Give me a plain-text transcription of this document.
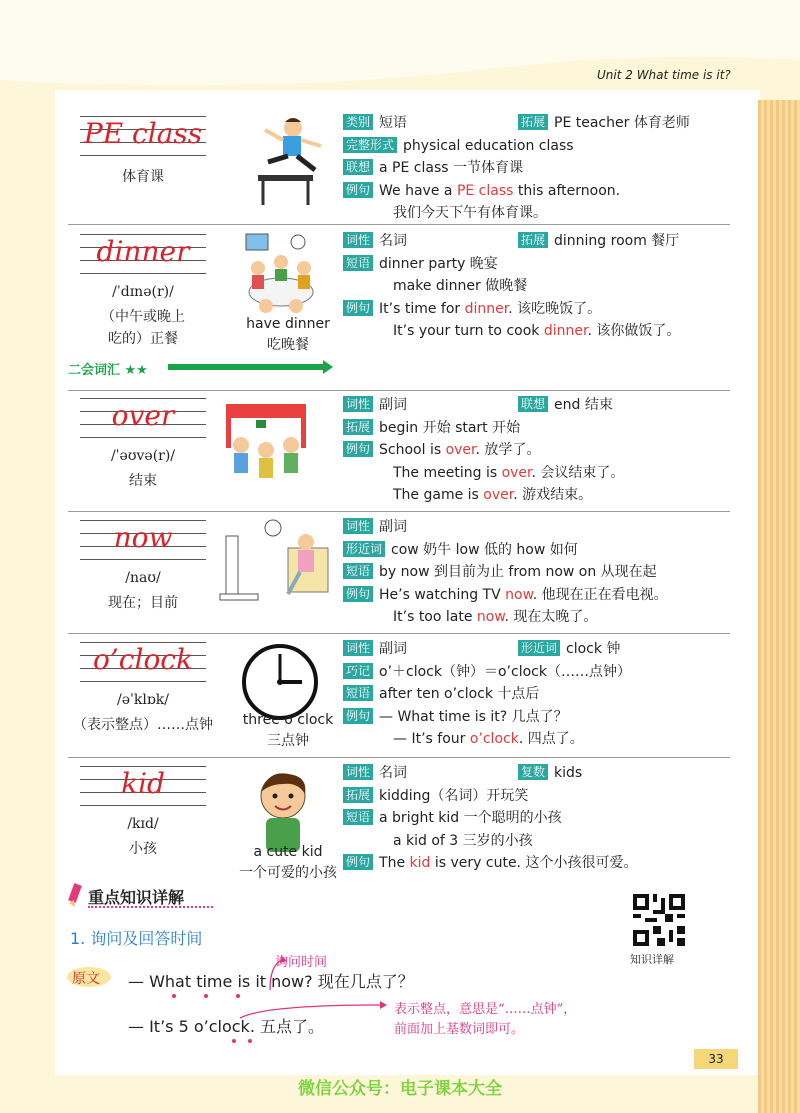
Unit 2 What time is it?
PE class
体育课
类别 短语	拓展 PE teacher 体育老师
完整形式 physical education class
联想 a PE class 一节体育课
例句 We have a PE class this afternoon.
我们今天下午有体育课。
dinner
/ˈdɪnə(r)/
（中午或晚上
吃的）正餐
have dinner
吃晚餐
词性 名词	拓展 dinning room 餐厅
短语 dinner party 晚宴
make dinner 做晚餐
例句 It’s time for dinner. 该吃晚饭了。
It’s your turn to cook dinner. 该你做饭了。
over
/ˈəʊvə(r)/
结束
词性 副词	联想 end 结束
拓展 begin 开始 start 开始
例句 School is over. 放学了。
The meeting is over. 会议结束了。
The game is over. 游戏结束。
now
/naʊ/
现在；目前
词性 副词
形近词 cow 奶牛 low 低的 how 如何
短语 by now 到目前为止 from now on 从现在起
例句 He’s watching TV now. 他现在正在看电视。
It’s too late now. 现在太晚了。
o’clock
/əˈklɒk/
（表示整点）……点钟	three o’clock
三点钟
词性 副词	形近词 clock 钟
巧记 o’＋clock（钟）＝o’clock（……点钟）
短语 after ten o’clock 十点后
例句 — What time is it? 几点了？
— It’s four o’clock. 四点了。
kid
/kɪd/
小孩	a cute kid
一个可爱的小孩
词性 名词	复数 kids
拓展 kidding（名词）开玩笑
短语 a bright kid 一个聪明的小孩
a kid of 3 三岁的小孩
例句 The kid is very cute. 这个小孩很可爱。
二会词汇 ★★
重点知识详解
1. 询问及回答时间
知识详解
原文 — What time is it now? 现在几点了？
— It’s 5 o’clock. 五点了。
询问时间
表示整点，意思是“……点钟”，
前面加上基数词即可。
33
微信公众号：电子课本大全
